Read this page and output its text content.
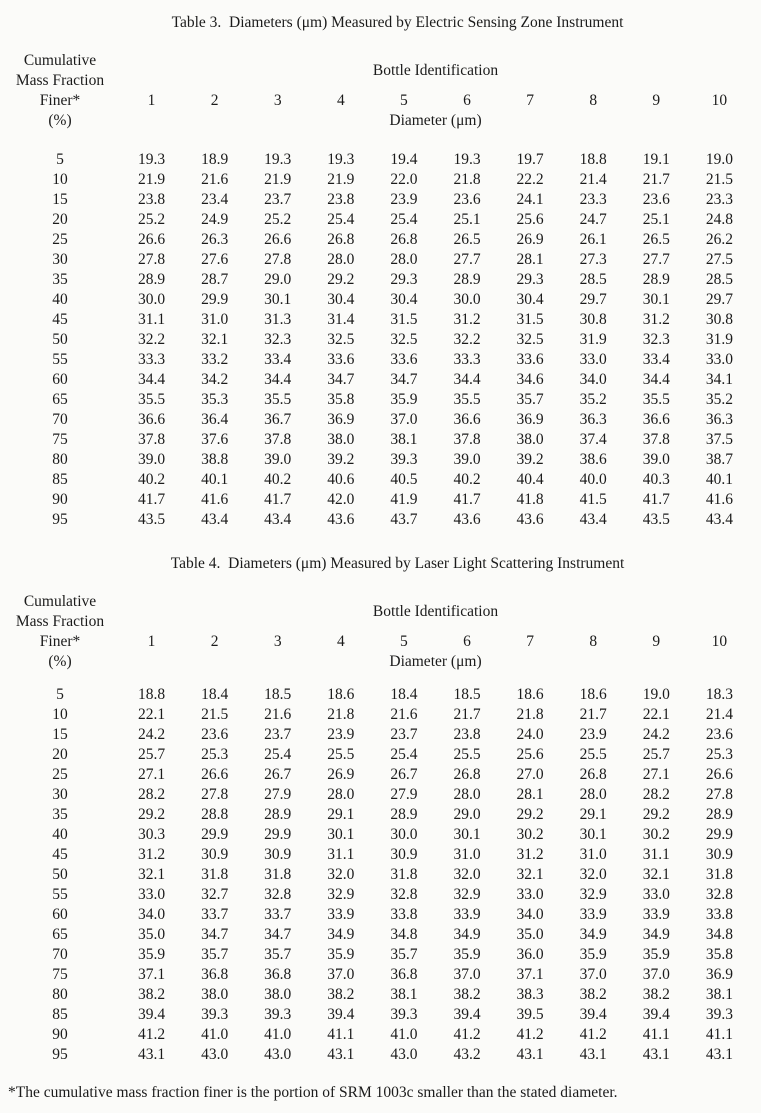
Table 3.  Diameters (μm) Measured by Electric Sensing Zone Instrument
Cumulative
Mass Fraction
Finer*
(%)
Bottle Identification
1	2	3	4	5	6	7	8	9	10
Diameter (μm)
5	19.3	18.9	19.3	19.3	19.4	19.3	19.7	18.8	19.1	19.0
10	21.9	21.6	21.9	21.9	22.0	21.8	22.2	21.4	21.7	21.5
15	23.8	23.4	23.7	23.8	23.9	23.6	24.1	23.3	23.6	23.3
20	25.2	24.9	25.2	25.4	25.4	25.1	25.6	24.7	25.1	24.8
25	26.6	26.3	26.6	26.8	26.8	26.5	26.9	26.1	26.5	26.2
30	27.8	27.6	27.8	28.0	28.0	27.7	28.1	27.3	27.7	27.5
35	28.9	28.7	29.0	29.2	29.3	28.9	29.3	28.5	28.9	28.5
40	30.0	29.9	30.1	30.4	30.4	30.0	30.4	29.7	30.1	29.7
45	31.1	31.0	31.3	31.4	31.5	31.2	31.5	30.8	31.2	30.8
50	32.2	32.1	32.3	32.5	32.5	32.2	32.5	31.9	32.3	31.9
55	33.3	33.2	33.4	33.6	33.6	33.3	33.6	33.0	33.4	33.0
60	34.4	34.2	34.4	34.7	34.7	34.4	34.6	34.0	34.4	34.1
65	35.5	35.3	35.5	35.8	35.9	35.5	35.7	35.2	35.5	35.2
70	36.6	36.4	36.7	36.9	37.0	36.6	36.9	36.3	36.6	36.3
75	37.8	37.6	37.8	38.0	38.1	37.8	38.0	37.4	37.8	37.5
80	39.0	38.8	39.0	39.2	39.3	39.0	39.2	38.6	39.0	38.7
85	40.2	40.1	40.2	40.6	40.5	40.2	40.4	40.0	40.3	40.1
90	41.7	41.6	41.7	42.0	41.9	41.7	41.8	41.5	41.7	41.6
95	43.5	43.4	43.4	43.6	43.7	43.6	43.6	43.4	43.5	43.4
Table 4.  Diameters (μm) Measured by Laser Light Scattering Instrument
Cumulative
Mass Fraction
Finer*
(%)
Bottle Identification
1	2	3	4	5	6	7	8	9	10
Diameter (μm)
5	18.8	18.4	18.5	18.6	18.4	18.5	18.6	18.6	19.0	18.3
10	22.1	21.5	21.6	21.8	21.6	21.7	21.8	21.7	22.1	21.4
15	24.2	23.6	23.7	23.9	23.7	23.8	24.0	23.9	24.2	23.6
20	25.7	25.3	25.4	25.5	25.4	25.5	25.6	25.5	25.7	25.3
25	27.1	26.6	26.7	26.9	26.7	26.8	27.0	26.8	27.1	26.6
30	28.2	27.8	27.9	28.0	27.9	28.0	28.1	28.0	28.2	27.8
35	29.2	28.8	28.9	29.1	28.9	29.0	29.2	29.1	29.2	28.9
40	30.3	29.9	29.9	30.1	30.0	30.1	30.2	30.1	30.2	29.9
45	31.2	30.9	30.9	31.1	30.9	31.0	31.2	31.0	31.1	30.9
50	32.1	31.8	31.8	32.0	31.8	32.0	32.1	32.0	32.1	31.8
55	33.0	32.7	32.8	32.9	32.8	32.9	33.0	32.9	33.0	32.8
60	34.0	33.7	33.7	33.9	33.8	33.9	34.0	33.9	33.9	33.8
65	35.0	34.7	34.7	34.9	34.8	34.9	35.0	34.9	34.9	34.8
70	35.9	35.7	35.7	35.9	35.7	35.9	36.0	35.9	35.9	35.8
75	37.1	36.8	36.8	37.0	36.8	37.0	37.1	37.0	37.0	36.9
80	38.2	38.0	38.0	38.2	38.1	38.2	38.3	38.2	38.2	38.1
85	39.4	39.3	39.3	39.4	39.3	39.4	39.5	39.4	39.4	39.3
90	41.2	41.0	41.0	41.1	41.0	41.2	41.2	41.2	41.1	41.1
95	43.1	43.0	43.0	43.1	43.0	43.2	43.1	43.1	43.1	43.1
*The cumulative mass fraction finer is the portion of SRM 1003c smaller than the stated diameter.
